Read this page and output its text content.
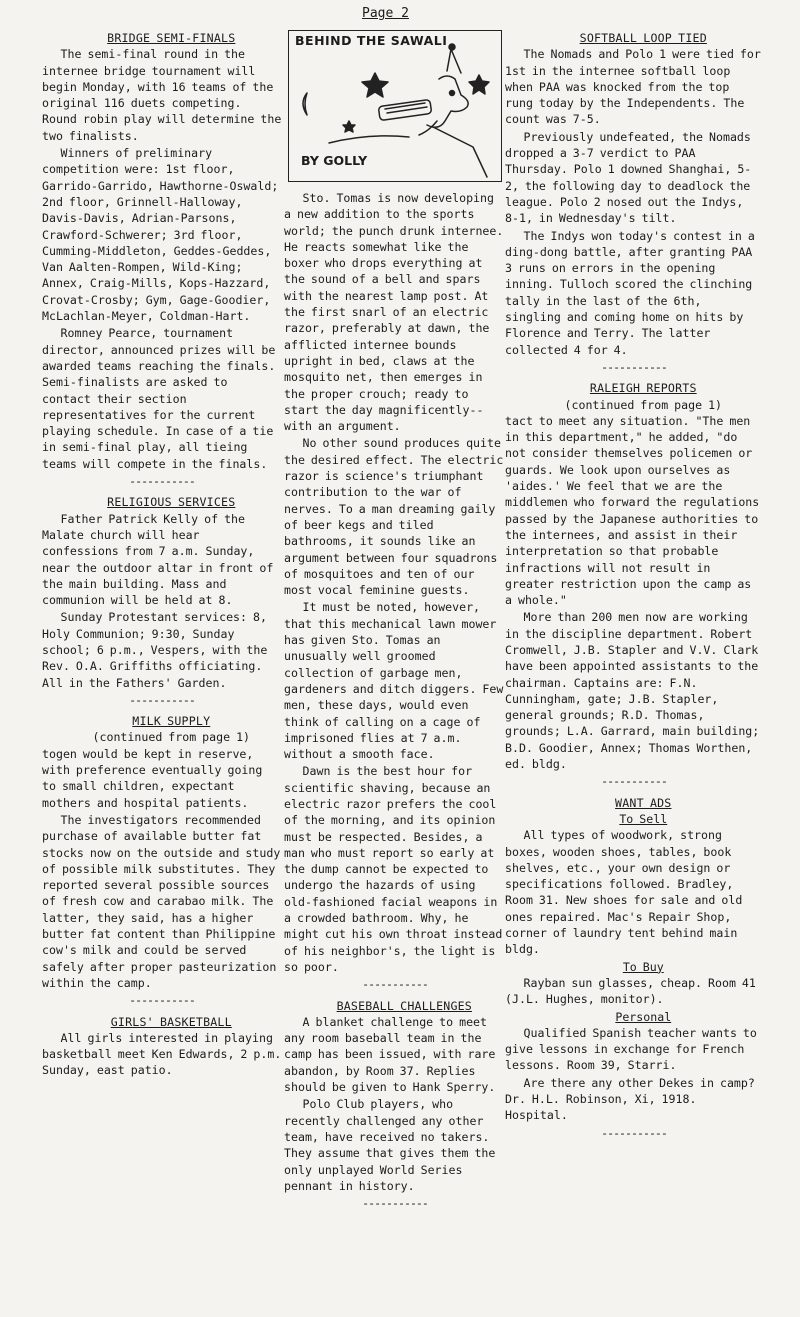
Page 2

BRIDGE SEMI-FINALS

The semi-final round in the internee bridge tournament will begin Monday, with 16 teams of the original 116 duets competing. Round robin play will determine the two finalists.

Winners of preliminary competition were: 1st floor, Garrido-Garrido, Hawthorne-Oswald; 2nd floor, Grinnell-Halloway, Davis-Davis, Adrian-Parsons, Crawford-Schwerer; 3rd floor, Cumming-Middleton, Geddes-Geddes, Van Aalten-Rompen, Wild-King; Annex, Craig-Mills, Kops-Hazzard, Crovat-Crosby; Gym, Gage-Goodier, McLachlan-Meyer, Coldman-Hart.

Romney Pearce, tournament director, announced prizes will be awarded teams reaching the finals. Semi-finalists are asked to contact their section representatives for the current playing schedule. In case of a tie in semi-final play, all tieing teams will compete in the finals.

-----------

RELIGIOUS SERVICES

Father Patrick Kelly of the Malate church will hear confessions from 7 a.m. Sunday, near the outdoor altar in front of the main building. Mass and communion will be held at 8.

Sunday Protestant services: 8, Holy Communion; 9:30, Sunday school; 6 p.m., Vespers, with the Rev. O.A. Griffiths officiating. All in the Fathers' Garden.

-----------

MILK SUPPLY

(continued from page 1)

togen would be kept in reserve, with preference eventually going to small children, expectant mothers and hospital patients.

The investigators recommended purchase of available butter fat stocks now on the outside and study of possible milk substitutes. They reported several possible sources of fresh cow and carabao milk. The latter, they said, has a higher butter fat content than Philippine cow's milk and could be served safely after proper pasteurization within the camp.

-----------

GIRLS' BASKETBALL

All girls interested in playing basketball meet Ken Edwards, 2 p.m. Sunday, east patio.

BEHIND THE SAWALI
BY GOLLY

Sto. Tomas is now developing a new addition to the sports world; the punch drunk internee. He reacts somewhat like the boxer who drops everything at the sound of a bell and spars with the nearest lamp post. At the first snarl of an electric razor, preferably at dawn, the afflicted internee bounds upright in bed, claws at the mosquito net, then emerges in the proper crouch; ready to start the day magnificently--with an argument.

No other sound produces quite the desired effect. The electric razor is science's triumphant contribution to the war of nerves. To a man dreaming gaily of beer kegs and tiled bathrooms, it sounds like an argument between four squadrons of mosquitoes and ten of our most vocal feminine guests.

It must be noted, however, that this mechanical lawn mower has given Sto. Tomas an unusually well groomed collection of garbage men, gardeners and ditch diggers. Few men, these days, would even think of calling on a cage of imprisoned flies at 7 a.m. without a smooth face.

Dawn is the best hour for scientific shaving, because an electric razor prefers the cool of the morning, and its opinion must be respected. Besides, a man who must report so early at the dump cannot be expected to undergo the hazards of using old-fashioned facial weapons in a crowded bathroom. Why, he might cut his own throat instead of his neighbor's, the light is so poor.

-----------

BASEBALL CHALLENGES

A blanket challenge to meet any room baseball team in the camp has been issued, with rare abandon, by Room 37. Replies should be given to Hank Sperry.

Polo Club players, who recently challenged any other team, have received no takers. They assume that gives them the only unplayed World Series pennant in history.

-----------

SOFTBALL LOOP TIED

The Nomads and Polo 1 were tied for 1st in the internee softball loop when PAA was knocked from the top rung today by the Independents. The count was 7-5.

Previously undefeated, the Nomads dropped a 3-7 verdict to PAA Thursday. Polo 1 downed Shanghai, 5-2, the following day to deadlock the league. Polo 2 nosed out the Indys, 8-1, in Wednesday's tilt.

The Indys won today's contest in a ding-dong battle, after granting PAA 3 runs on errors in the opening inning. Tulloch scored the clinching tally in the last of the 6th, singling and coming home on hits by Florence and Terry. The latter collected 4 for 4.

-----------

RALEIGH REPORTS

(continued from page 1)

tact to meet any situation. "The men in this department," he added, "do not consider themselves policemen or guards. We look upon ourselves as 'aides.' We feel that we are the middlemen who forward the regulations passed by the Japanese authorities to the internees, and assist in their interpretation so that probable infractions will not result in greater restriction upon the camp as a whole."

More than 200 men now are working in the discipline department. Robert Cromwell, J.B. Stapler and V.V. Clark have been appointed assistants to the chairman. Captains are: F.N. Cunningham, gate; J.B. Stapler, general grounds; R.D. Thomas, grounds; L.A. Garrard, main building; B.D. Goodier, Annex; Thomas Worthen, ed. bldg.

-----------

WANT ADS

To Sell

All types of woodwork, strong boxes, wooden shoes, tables, book shelves, etc., your own design or specifications followed. Bradley, Room 31. New shoes for sale and old ones repaired. Mac's Repair Shop, corner of laundry tent behind main bldg.

To Buy

Rayban sun glasses, cheap. Room 41 (J.L. Hughes, monitor).

Personal

Qualified Spanish teacher wants to give lessons in exchange for French lessons. Room 39, Starri.

Are there any other Dekes in camp? Dr. H.L. Robinson, Xi, 1918. Hospital.

-----------
